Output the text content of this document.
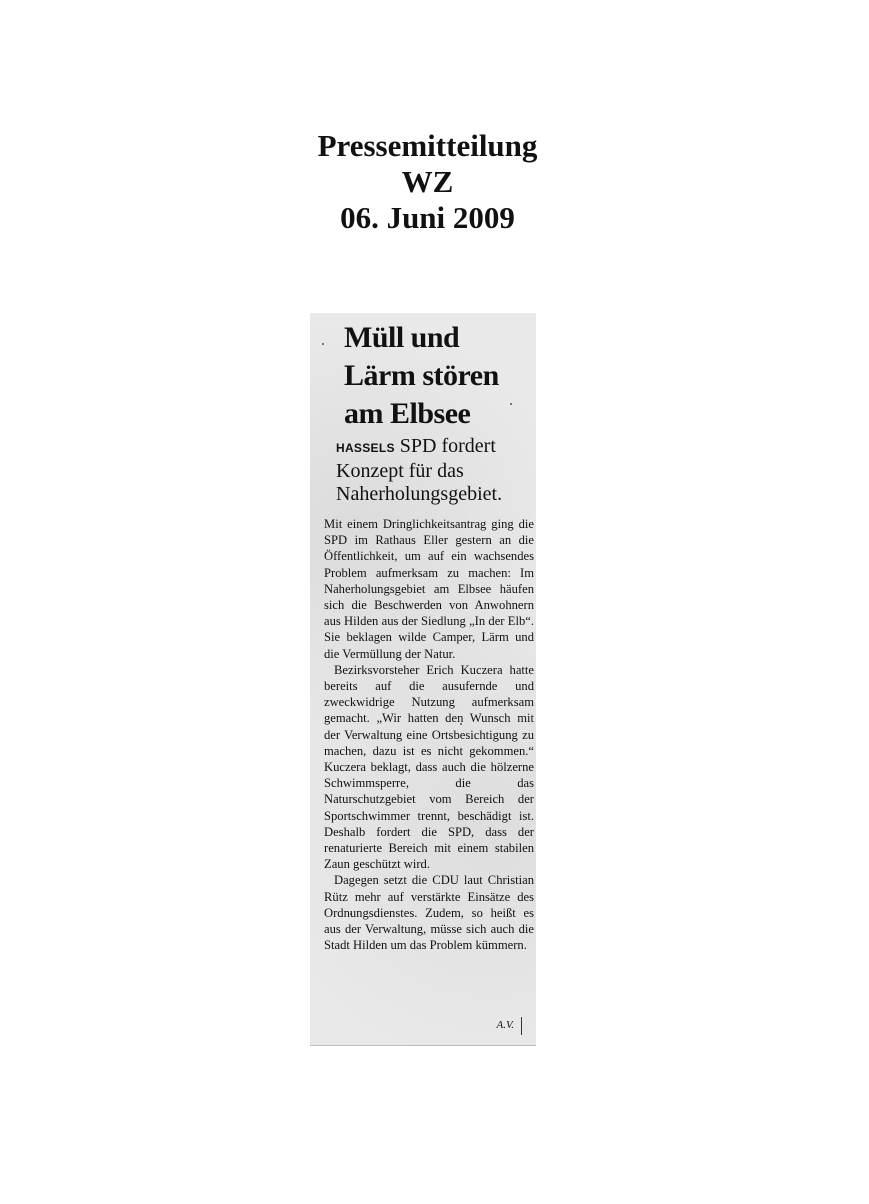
Pressemitteilung
WZ
06. Juni 2009
Müll und
Lärm stören
am Elbsee
HASSELS SPD fordert Konzept für das Naherholungsgebiet.

Mit einem Dringlichkeitsantrag ging die SPD im Rathaus Eller gestern an die Öffentlichkeit, um auf ein wachsendes Problem aufmerksam zu machen: Im Naherholungsgebiet am Elbsee häufen sich die Beschwerden von Anwohnern aus Hilden aus der Siedlung „In der Elb“. Sie beklagen wilde Camper, Lärm und die Vermüllung der Natur.

Bezirksvorsteher Erich Kuczera hatte bereits auf die ausufernde und zweckwidrige Nutzung aufmerksam gemacht. „Wir hatten den Wunsch mit der Verwaltung eine Ortsbesichtigung zu machen, dazu ist es nicht gekommen.“ Kuczera beklagt, dass auch die hölzerne Schwimmsperre, die das Naturschutzgebiet vom Bereich der Sportschwimmer trennt, beschädigt ist. Deshalb fordert die SPD, dass der renaturierte Bereich mit einem stabilen Zaun geschützt wird.

Dagegen setzt die CDU laut Christian Rütz mehr auf verstärkte Einsätze des Ordnungsdienstes. Zudem, so heißt es aus der Verwaltung, müsse sich auch die Stadt Hilden um das Problem kümmern.

A.V.
